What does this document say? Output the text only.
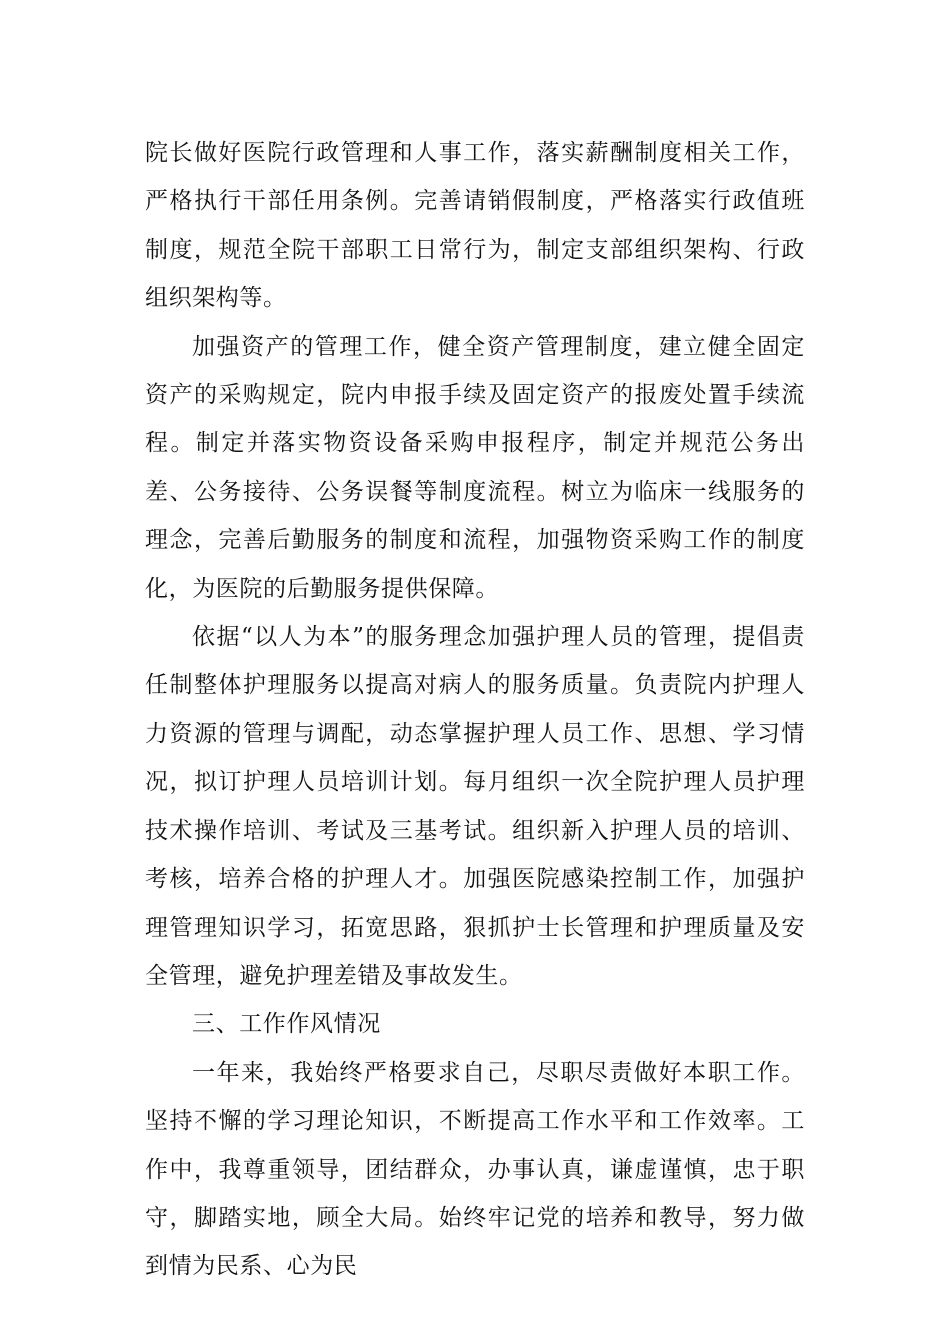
院长做好医院行政管理和人事工作，落实薪酬制度相关工作，严格执行干部任用条例。完善请销假制度，严格落实行政值班制度，规范全院干部职工日常行为，制定支部组织架构、行政组织架构等。

加强资产的管理工作，健全资产管理制度，建立健全固定资产的采购规定，院内申报手续及固定资产的报废处置手续流程。制定并落实物资设备采购申报程序，制定并规范公务出差、公务接待、公务误餐等制度流程。树立为临床一线服务的理念，完善后勤服务的制度和流程，加强物资采购工作的制度化，为医院的后勤服务提供保障。

依据“以人为本”的服务理念加强护理人员的管理，提倡责任制整体护理服务以提高对病人的服务质量。负责院内护理人力资源的管理与调配，动态掌握护理人员工作、思想、学习情况，拟订护理人员培训计划。每月组织一次全院护理人员护理技术操作培训、考试及三基考试。组织新入护理人员的培训、考核，培养合格的护理人才。加强医院感染控制工作，加强护理管理知识学习，拓宽思路，狠抓护士长管理和护理质量及安全管理，避免护理差错及事故发生。

三、工作作风情况

一年来，我始终严格要求自己，尽职尽责做好本职工作。坚持不懈的学习理论知识，不断提高工作水平和工作效率。工作中，我尊重领导，团结群众，办事认真，谦虚谨慎，忠于职守，脚踏实地，顾全大局。始终牢记党的培养和教导，努力做到情为民系、心为民
